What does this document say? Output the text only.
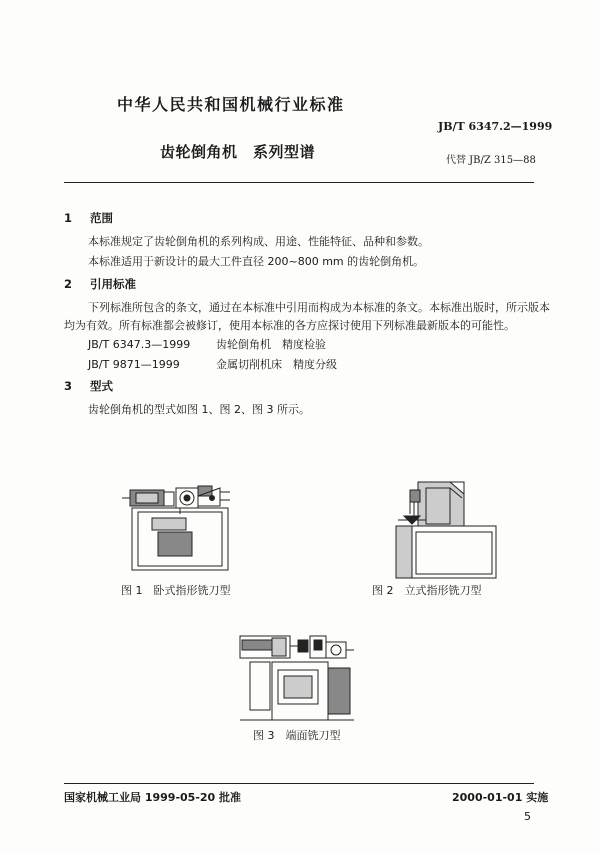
中华人民共和国机械行业标准
JB/T 6347.2—1999
齿轮倒角机　系列型谱	代替 JB/Z 315—88
1 范围
本标准规定了齿轮倒角机的系列构成、用途、性能特征、品种和参数。
本标准适用于新设计的最大工件直径 200~800 mm 的齿轮倒角机。
2 引用标准
下列标准所包含的条文，通过在本标准中引用而构成为本标准的条文。本标准出版时，所示版本
均为有效。所有标准都会被修订，使用本标准的各方应探讨使用下列标准最新版本的可能性。
JB/T 6347.3—1999 齿轮倒角机　精度检验
JB/T 9871—1999	金属切削机床　精度分级
3 型式
齿轮倒角机的型式如图 1、图 2、图 3 所示。
图 1　卧式指形铣刀型	图 2　立式指形铣刀型
图 3　端面铣刀型
国家机械工业局 1999-05-20 批准	2000-01-01 实施
5
